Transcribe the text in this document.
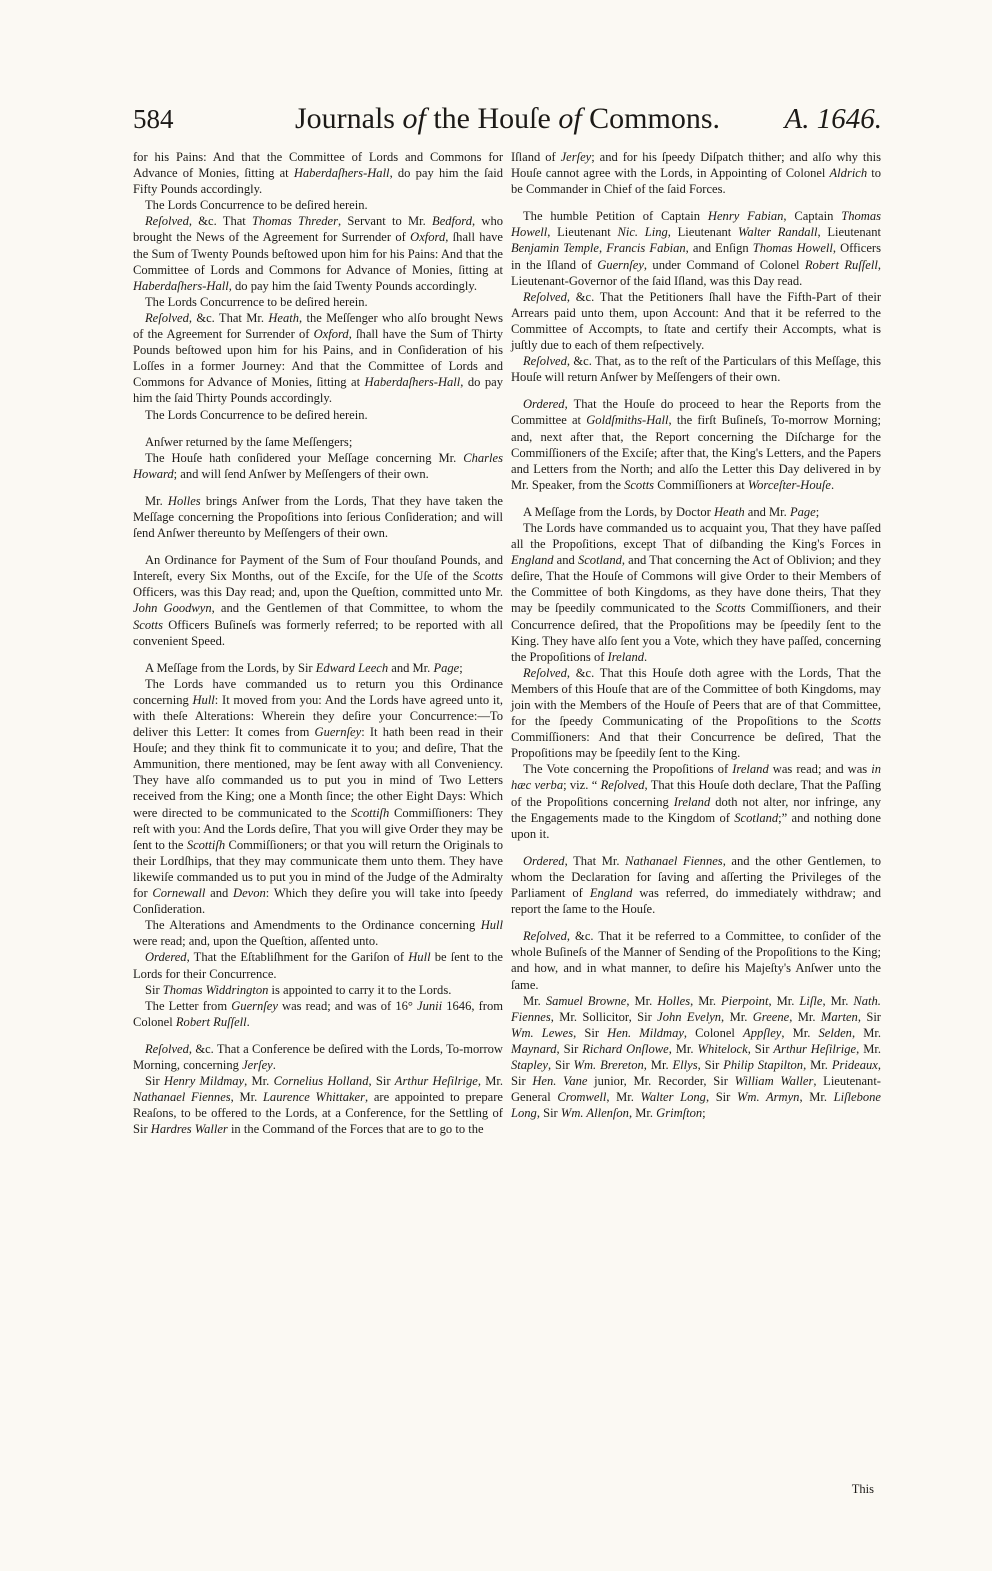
584	Journals of the Houſe of Commons.	A. 1646.

for his Pains: And that the Committee of Lords and Commons for Advance of Monies, ſitting at Haberdaſhers-Hall, do pay him the ſaid Fifty Pounds accordingly.

The Lords Concurrence to be deſired herein.

Reſolved, &c. That Thomas Threder, Servant to Mr. Bedford, who brought the News of the Agreement for Surrender of Oxford, ſhall have the Sum of Twenty Pounds beſtowed upon him for his Pains: And that the Committee of Lords and Commons for Advance of Monies, ſitting at Haberdaſhers-Hall, do pay him the ſaid Twenty Pounds accordingly.

The Lords Concurrence to be deſired herein.

Reſolved, &c. That Mr. Heath, the Meſſenger who alſo brought News of the Agreement for Surrender of Oxford, ſhall have the Sum of Thirty Pounds beſtowed upon him for his Pains, and in Conſideration of his Loſſes in a former Journey: And that the Committee of Lords and Commons for Advance of Monies, ſitting at Haberdaſhers-Hall, do pay him the ſaid Thirty Pounds accordingly.

The Lords Concurrence to be deſired herein.

Anſwer returned by the ſame Meſſengers;

The Houſe hath conſidered your Meſſage concerning Mr. Charles Howard; and will ſend Anſwer by Meſſengers of their own.

Mr. Holles brings Anſwer from the Lords, That they have taken the Meſſage concerning the Propoſitions into ſerious Conſideration; and will ſend Anſwer thereunto by Meſſengers of their own.

An Ordinance for Payment of the Sum of Four thouſand Pounds, and Intereſt, every Six Months, out of the Exciſe, for the Uſe of the Scotts Officers, was this Day read; and, upon the Queſtion, committed unto Mr. John Goodwyn, and the Gentlemen of that Committee, to whom the Scotts Officers Buſineſs was formerly referred; to be reported with all convenient Speed.

A Meſſage from the Lords, by Sir Edward Leech and Mr. Page;

The Lords have commanded us to return you this Ordinance concerning Hull: It moved from you: And the Lords have agreed unto it, with theſe Alterations: Wherein they deſire your Concurrence:—To deliver this Letter: It comes from Guernſey: It hath been read in their Houſe; and they think fit to communicate it to you; and deſire, That the Ammunition, there mentioned, may be ſent away with all Conveniency. They have alſo commanded us to put you in mind of Two Letters received from the King; one a Month ſince; the other Eight Days: Which were directed to be communicated to the Scottiſh Commiſſioners: They reſt with you: And the Lords deſire, That you will give Order they may be ſent to the Scottiſh Commiſſioners; or that you will return the Originals to their Lordſhips, that they may communicate them unto them. They have likewiſe commanded us to put you in mind of the Judge of the Admiralty for Cornewall and Devon: Which they deſire you will take into ſpeedy Conſideration.

The Alterations and Amendments to the Ordinance concerning Hull were read; and, upon the Queſtion, aſſented unto.

Ordered, That the Eſtabliſhment for the Gariſon of Hull be ſent to the Lords for their Concurrence.

Sir Thomas Widdrington is appointed to carry it to the Lords.

The Letter from Guernſey was read; and was of 16° Junii 1646, from Colonel Robert Ruſſell.

Reſolved, &c. That a Conference be deſired with the Lords, To-morrow Morning, concerning Jerſey.

Sir Henry Mildmay, Mr. Cornelius Holland, Sir Arthur Heſilrige, Mr. Nathanael Fiennes, Mr. Laurence Whittaker, are appointed to prepare Reaſons, to be offered to the Lords, at a Conference, for the Settling of Sir Hardres Waller in the Command of the Forces that are to go to the

Iſland of Jerſey; and for his ſpeedy Diſpatch thither; and alſo why this Houſe cannot agree with the Lords, in Appointing of Colonel Aldrich to be Commander in Chief of the ſaid Forces.

The humble Petition of Captain Henry Fabian, Captain Thomas Howell, Lieutenant Nic. Ling, Lieutenant Walter Randall, Lieutenant Benjamin Temple, Francis Fabian, and Enſign Thomas Howell, Officers in the Iſland of Guernſey, under Command of Colonel Robert Ruſſell, Lieutenant-Governor of the ſaid Iſland, was this Day read.

Reſolved, &c. That the Petitioners ſhall have the Fifth-Part of their Arrears paid unto them, upon Account: And that it be referred to the Committee of Accompts, to ſtate and certify their Accompts, what is juſtly due to each of them reſpectively.

Reſolved, &c. That, as to the reſt of the Particulars of this Meſſage, this Houſe will return Anſwer by Meſſengers of their own.

Ordered, That the Houſe do proceed to hear the Reports from the Committee at Goldſmiths-Hall, the firſt Buſineſs, To-morrow Morning; and, next after that, the Report concerning the Diſcharge for the Commiſſioners of the Exciſe; after that, the King's Letters, and the Papers and Letters from the North; and alſo the Letter this Day delivered in by Mr. Speaker, from the Scotts Commiſſioners at Worceſter-Houſe.

A Meſſage from the Lords, by Doctor Heath and Mr. Page;

The Lords have commanded us to acquaint you, That they have paſſed all the Propoſitions, except That of diſbanding the King's Forces in England and Scotland, and That concerning the Act of Oblivion; and they deſire, That the Houſe of Commons will give Order to their Members of the Committee of both Kingdoms, as they have done theirs, That they may be ſpeedily communicated to the Scotts Commiſſioners, and their Concurrence deſired, that the Propoſitions may be ſpeedily ſent to the King. They have alſo ſent you a Vote, which they have paſſed, concerning the Propoſitions of Ireland.

Reſolved, &c. That this Houſe doth agree with the Lords, That the Members of this Houſe that are of the Committee of both Kingdoms, may join with the Members of the Houſe of Peers that are of that Committee, for the ſpeedy Communicating of the Propoſitions to the Scotts Commiſſioners: And that their Concurrence be deſired, That the Propoſitions may be ſpeedily ſent to the King.

The Vote concerning the Propoſitions of Ireland was read; and was in hæc verba; viz. “ Reſolved, That this Houſe doth declare, That the Paſſing of the Propoſitions concerning Ireland doth not alter, nor infringe, any the Engagements made to the Kingdom of Scotland;” and nothing done upon it.

Ordered, That Mr. Nathanael Fiennes, and the other Gentlemen, to whom the Declaration for ſaving and aſſerting the Privileges of the Parliament of England was referred, do immediately withdraw; and report the ſame to the Houſe.

Reſolved, &c. That it be referred to a Committee, to conſider of the whole Buſineſs of the Manner of Sending of the Propoſitions to the King; and how, and in what manner, to deſire his Majeſty's Anſwer unto the ſame.

Mr. Samuel Browne, Mr. Holles, Mr. Pierpoint, Mr. Liſle, Mr. Nath. Fiennes, Mr. Sollicitor, Sir John Evelyn, Mr. Greene, Mr. Marten, Sir Wm. Lewes, Sir Hen. Mildmay, Colonel Appſley, Mr. Selden, Mr. Maynard, Sir Richard Onſlowe, Mr. Whitelock, Sir Arthur Heſilrige, Mr. Stapley, Sir Wm. Brereton, Mr. Ellys, Sir Philip Stapilton, Mr. Prideaux, Sir Hen. Vane junior, Mr. Recorder, Sir William Waller, Lieutenant-General Cromwell, Mr. Walter Long, Sir Wm. Armyn, Mr. Liſlebone Long, Sir Wm. Allenſon, Mr. Grimſton;

This
